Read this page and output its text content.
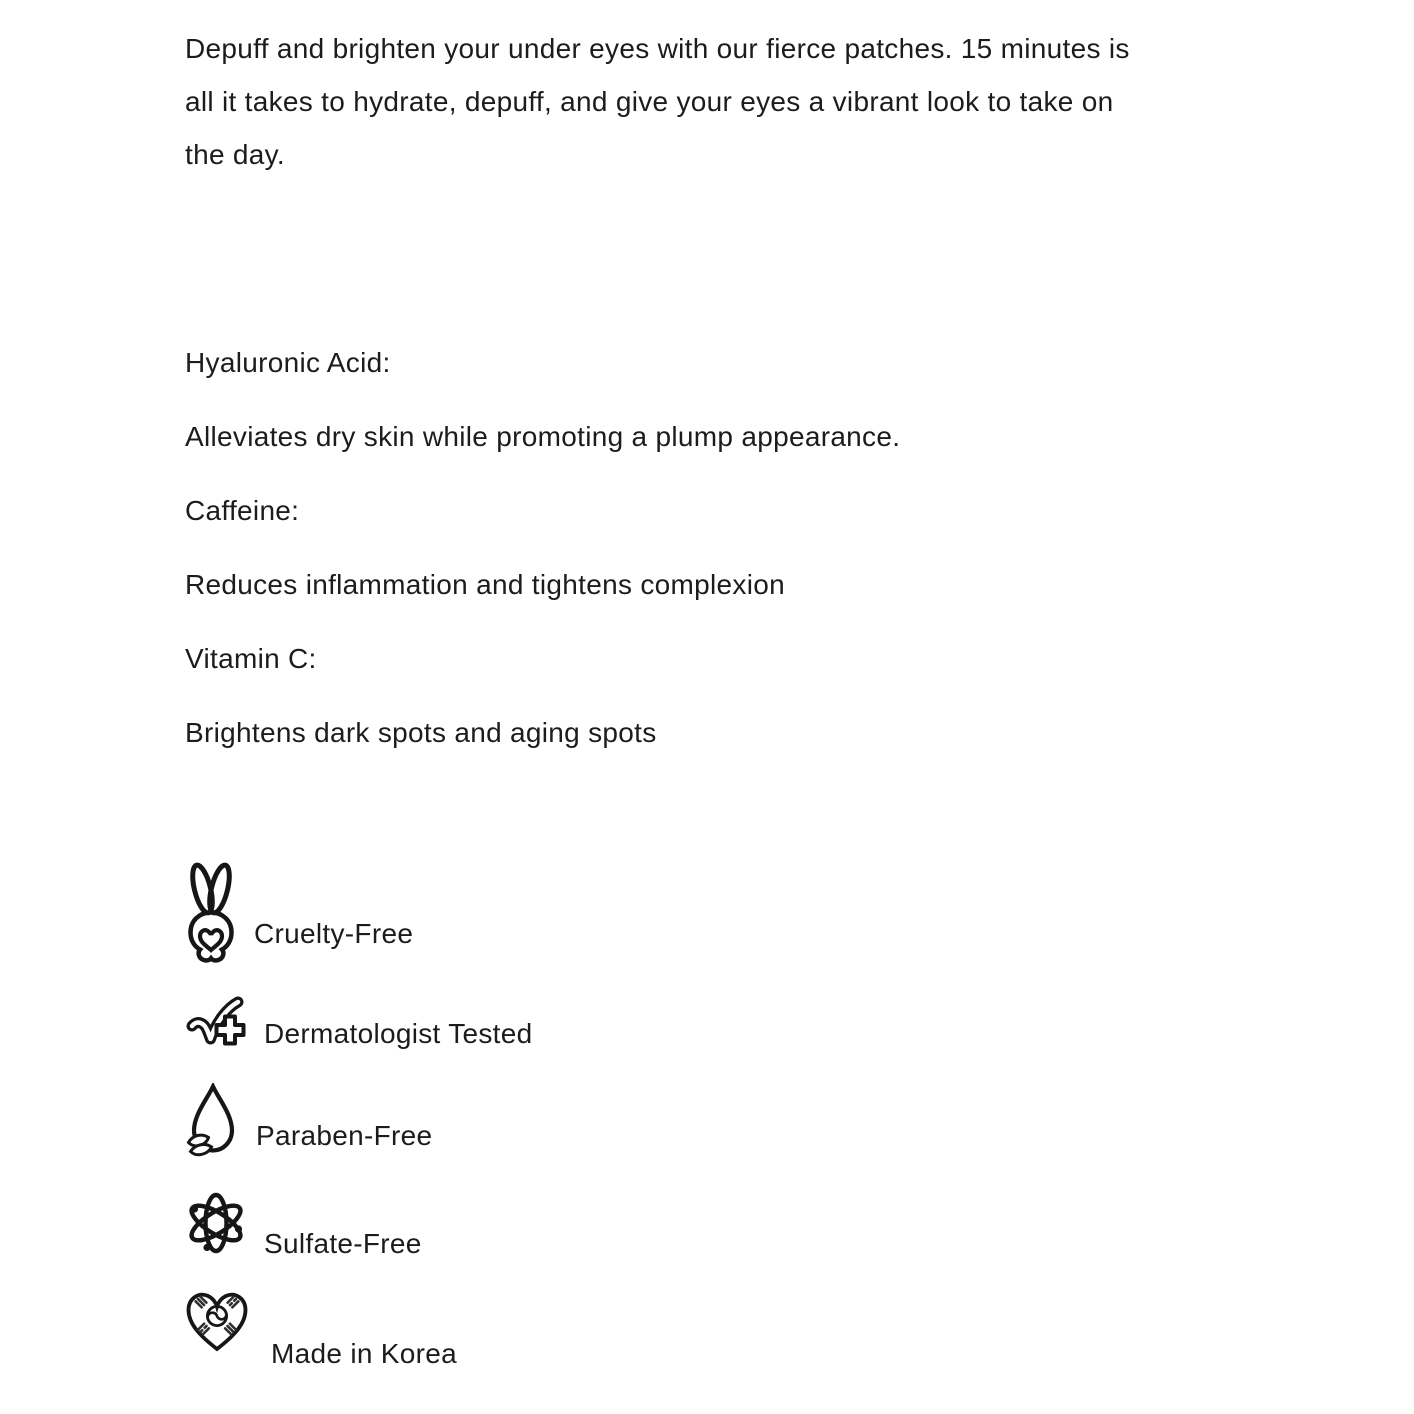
Depuff and brighten your under eyes with our fierce patches. 15 minutes is
all it takes to hydrate, depuff, and give your eyes a vibrant look to take on
the day.

Hyaluronic Acid:

Alleviates dry skin while promoting a plump appearance.

Caffeine:

Reduces inflammation and tightens complexion

Vitamin C:

Brightens dark spots and aging spots

Cruelty-Free
Dermatologist Tested
Paraben-Free
Sulfate-Free
Made in Korea
